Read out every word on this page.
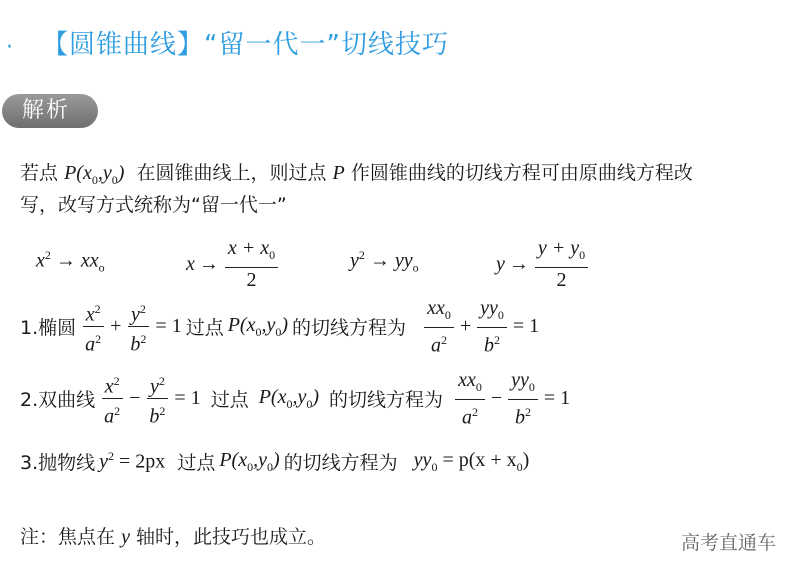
· 【圆锥曲线】“留一代一”切线技巧
解析
若点 $P(x_0,y_0)$ 在圆锥曲线上，则过点 P 作圆锥曲线的切线方程可由原曲线方程改
写，改写方式统称为“留一代一”
$x^2 \to xx_o$	$x \to \frac{x + x_0}{2}$	$y^2 \to yy_o$	$y \to \frac{y + y_0}{2}$
1.椭圆 $\frac{x^2}{a^2} + \frac{y^2}{b^2} = 1$ 过点 $P(x_0,y_0)$ 的切线方程为 $\frac{xx_0}{a^2} + \frac{yy_0}{b^2} = 1$
2.双曲线 $\frac{x^2}{a^2} - \frac{y^2}{b^2} = 1$ 过点 $P(x_0,y_0)$ 的切线方程为 $\frac{xx_0}{a^2} - \frac{yy_0}{b^2} = 1$
3.抛物线 $y^2 = 2px$ 过点 $P(x_0,y_0)$ 的切线方程为 $yy_0 = p(x + x_0)$
注：焦点在 y 轴时，此技巧也成立。	高考直通车
